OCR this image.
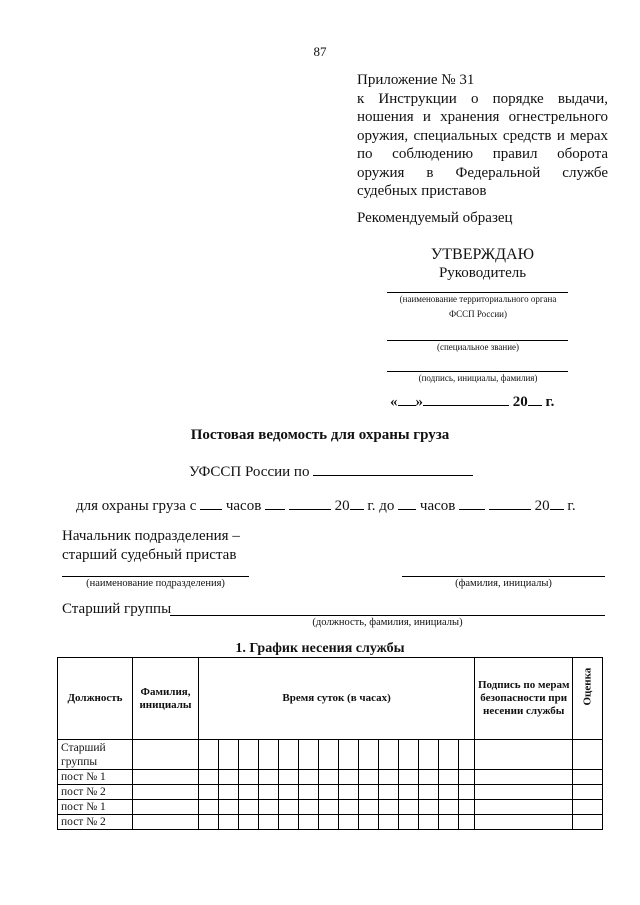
87
Приложение № 31
к Инструкции о порядке выдачи,
ношения и хранения огнестрельного
оружия, специальных средств и мерах
по соблюдению правил оборота
оружия в Федеральной службе
судебных приставов
Рекомендуемый образец
УТВЕРЖДАЮ
Руководитель
(наименование территориального органа
ФССП России)
(специальное звание)
(подпись, инициалы, фамилия)
« »	20 г.
Постовая ведомость для охраны груза
УФССП России по
для охраны груза с часов	20 г. до часов	20 г.
Начальник подразделения –
старший судебный пристав
(наименование подразделения)	(фамилия, инициалы)
Старший группы
(должность, фамилия, инициалы)
1. График несения службы
Должность	Фамилия, инициалы	Время суток (в часах)														Подпись по мерам безопасности при несении службы	Оценка

Старший группы																	
пост № 1																	
пост № 2																	
пост № 1																	
пост № 2																	
